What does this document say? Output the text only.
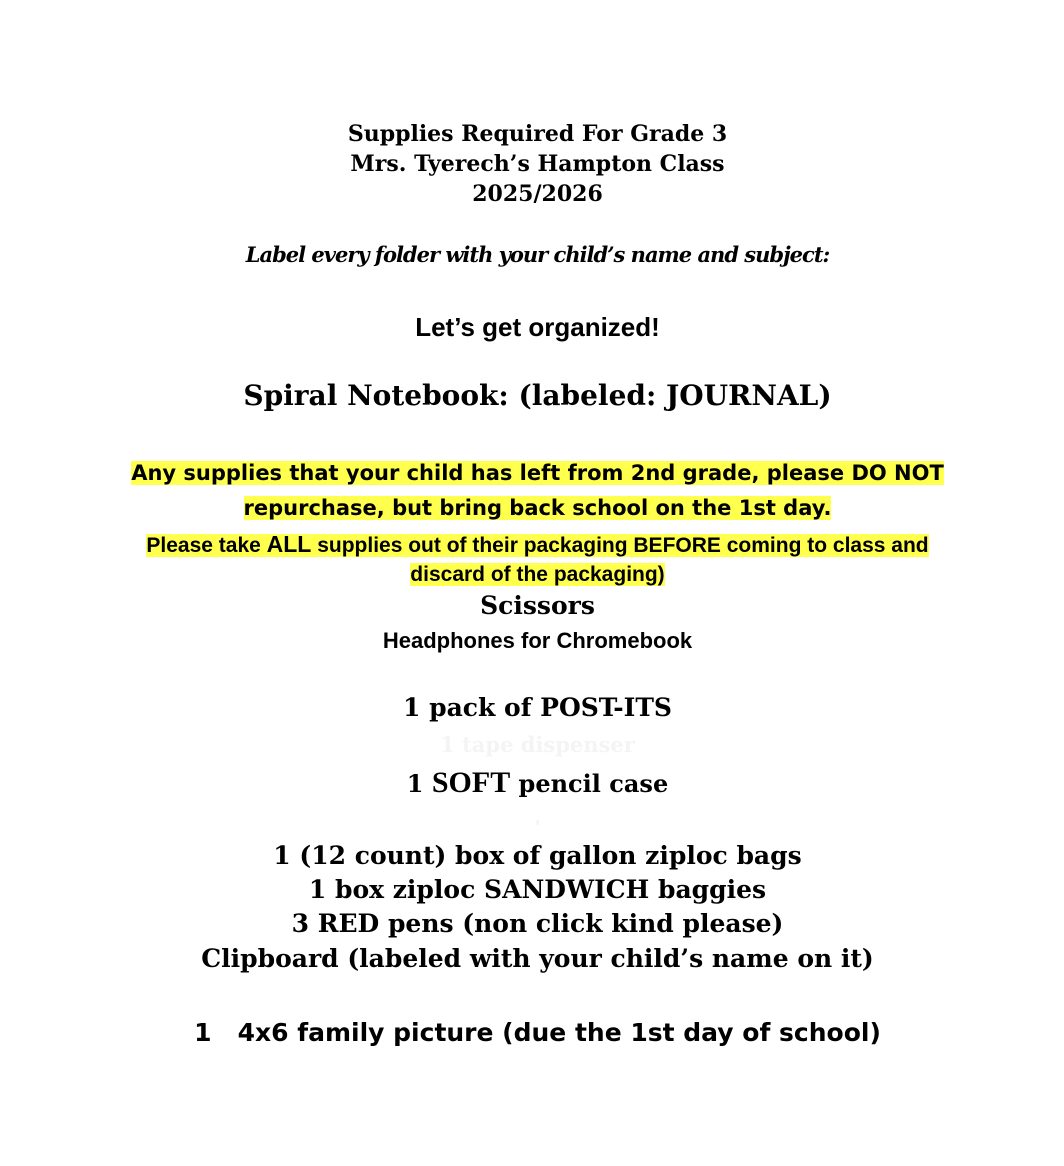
Supplies Required For Grade 3
Mrs. Tyerech’s Hampton Class
2025/2026
Label every folder with your child’s name and subject:
Let’s get organized!
Spiral Notebook: (labeled: JOURNAL)
Any supplies that your child has left from 2nd grade, please DO NOT
repurchase, but bring back school on the 1st day.
Please take ALL supplies out of their packaging BEFORE coming to class and
discard of the packaging)
Scissors
Headphones for Chromebook
1 pack of POST-ITS
1 tape dispenser
1 SOFT pencil case
'
1 (12 count) box of gallon ziploc bags
1 box ziploc SANDWICH baggies
3 RED pens (non click kind please)
Clipboard (labeled with your child’s name on it)
1   4x6 family picture (due the 1st day of school)
